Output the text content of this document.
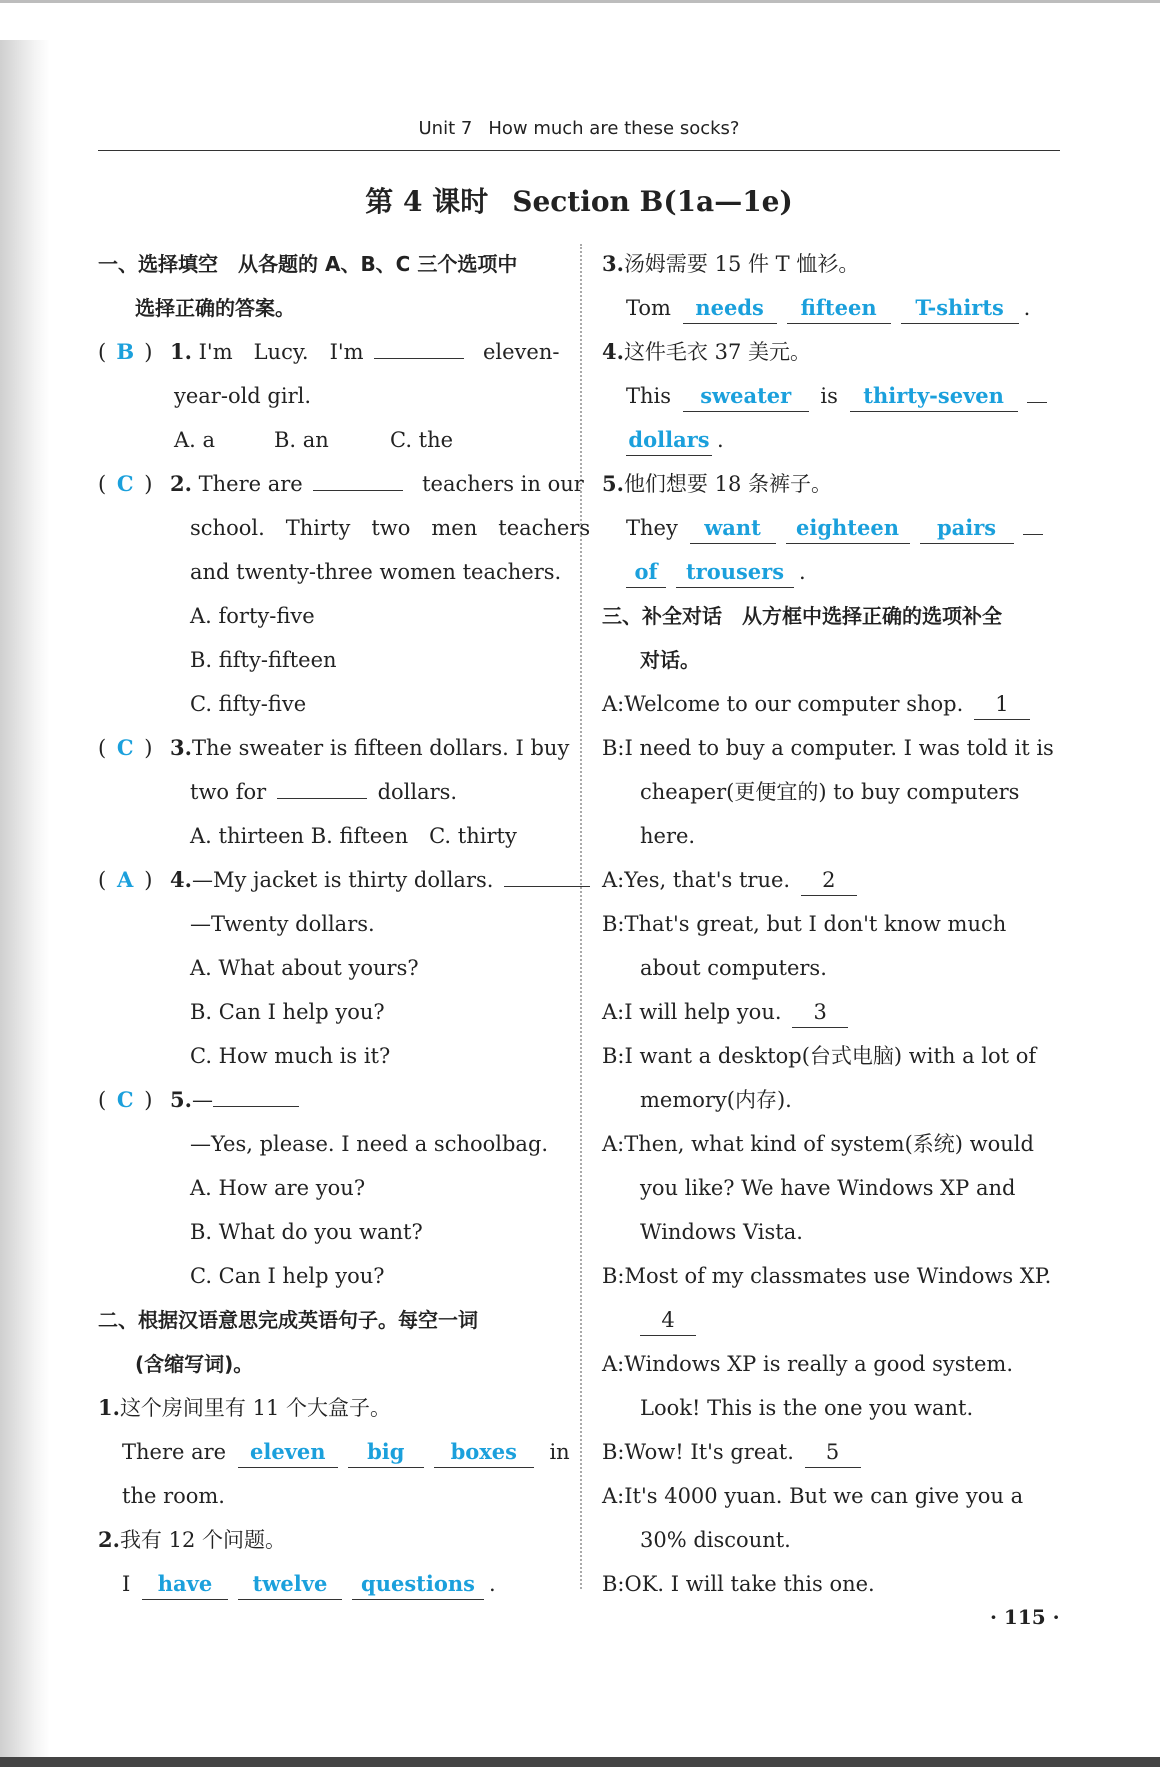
Unit 7 How much are these socks?
第 4 课时 Section B(1a—1e)
一、选择填空　从各题的 A、B、C 三个选项中
选择正确的答案。
( B ) 1. I'm　Lucy.　I'm	eleven-
year-old girl.
A. a	B. an	C. the
( C ) 2. There are	teachers in our
school.　Thirty　two　men　teachers
and twenty-three women teachers.
A. forty-five
B. fifty-fifteen
C. fifty-five
( C ) 3.The sweater is fifteen dollars. I buy
two for	dollars.
A. thirteen B. fifteen　C. thirty
( A ) 4.—My jacket is thirty dollars.
—Twenty dollars.
A. What about yours?
B. Can I help you?
C. How much is it?
( C ) 5.—
—Yes, please. I need a schoolbag.
A. How are you?
B. What do you want?
C. Can I help you?
二、根据汉语意思完成英语句子。每空一词
(含缩写词)。
1.这个房间里有 11 个大盒子。
There are eleven big boxes in
the room.
2.我有 12 个问题。
I have twelve questions .
3.汤姆需要 15 件 T 恤衫。
Tom needs fifteen T-shirts .
4.这件毛衣 37 美元。
This sweater is thirty-seven
dollars .
5.他们想要 18 条裤子。
They want eighteen pairs
of trousers .
三、补全对话　从方框中选择正确的选项补全
对话。
A:Welcome to our computer shop. 1
B:I need to buy a computer. I was told it is
cheaper(更便宜的) to buy computers
here.
A:Yes, that's true. 2
B:That's great, but I don't know much
about computers.
A:I will help you. 3
B:I want a desktop(台式电脑) with a lot of
memory(内存).
A:Then, what kind of system(系统) would
you like? We have Windows XP and
Windows Vista.
B:Most of my classmates use Windows XP.
4
A:Windows XP is really a good system.
Look! This is the one you want.
B:Wow! It's great. 5
A:It's 4000 yuan. But we can give you a
30% discount.
B:OK. I will take this one.
· 115 ·
